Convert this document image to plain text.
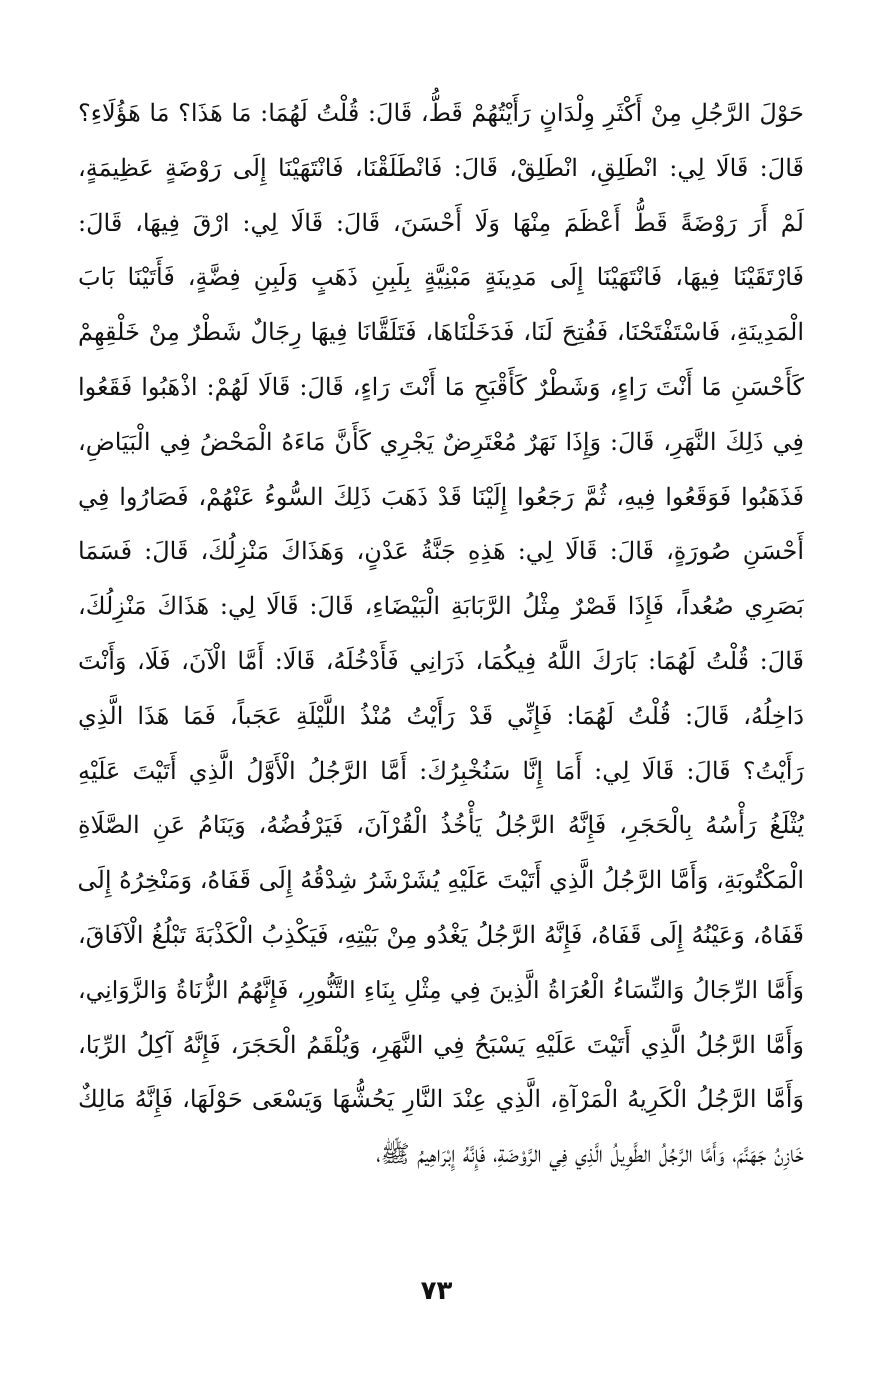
حَوْلَ الرَّجُلِ مِنْ أَكْثَرِ وِلْدَانٍ رَأَيْتُهُمْ قَطُّ، قَالَ: قُلْتُ لَهُمَا: مَا هَذَا؟ مَا هَؤُلَاءِ؟
قَالَ: قَالَا لِي: انْطَلِقِ، انْطَلِقْ، قَالَ: فَانْطَلَقْنَا، فَانْتَهَيْنَا إِلَى رَوْضَةٍ عَظِيمَةٍ،
لَمْ أَرَ رَوْضَةً قَطُّ أَعْظَمَ مِنْهَا وَلَا أَحْسَنَ، قَالَ: قَالَا لِي: ارْقَ فِيهَا، قَالَ:
فَارْتَقَيْنَا فِيهَا، فَانْتَهَيْنَا إِلَى مَدِينَةٍ مَبْنِيَّةٍ بِلَبِنِ ذَهَبٍ وَلَبِنِ فِضَّةٍ، فَأَتَيْنَا بَابَ
الْمَدِينَةِ، فَاسْتَفْتَحْنَا، فَفُتِحَ لَنَا، فَدَخَلْنَاهَا، فَتَلَقَّانَا فِيهَا رِجَالٌ شَطْرٌ مِنْ خَلْقِهِمْ
كَأَحْسَنِ مَا أَنْتَ رَاءٍ، وَشَطْرٌ كَأَقْبَحِ مَا أَنْتَ رَاءٍ، قَالَ: قَالَا لَهُمْ: اذْهَبُوا فَقَعُوا
فِي ذَلِكَ النَّهَرِ، قَالَ: وَإِذَا نَهَرٌ مُعْتَرِضٌ يَجْرِي كَأَنَّ مَاءَهُ الْمَحْضُ فِي الْبَيَاضِ،
فَذَهَبُوا فَوَقَعُوا فِيهِ، ثُمَّ رَجَعُوا إِلَيْنَا قَدْ ذَهَبَ ذَلِكَ السُّوءُ عَنْهُمْ، فَصَارُوا فِي
أَحْسَنِ صُورَةٍ، قَالَ: قَالَا لِي: هَذِهِ جَنَّةُ عَدْنٍ، وَهَذَاكَ مَنْزِلُكَ، قَالَ: فَسَمَا
بَصَرِي صُعُداً، فَإِذَا قَصْرٌ مِثْلُ الرَّبَابَةِ الْبَيْضَاءِ، قَالَ: قَالَا لِي: هَذَاكَ مَنْزِلُكَ،
قَالَ: قُلْتُ لَهُمَا: بَارَكَ اللَّهُ فِيكُمَا، ذَرَانِي فَأَدْخُلَهُ، قَالَا: أَمَّا الْآنَ، فَلَا، وَأَنْتَ
دَاخِلُهُ، قَالَ: قُلْتُ لَهُمَا: فَإِنِّي قَدْ رَأَيْتُ مُنْذُ اللَّيْلَةِ عَجَباً، فَمَا هَذَا الَّذِي
رَأَيْتُ؟ قَالَ: قَالَا لِي: أَمَا إِنَّا سَنُخْبِرُكَ: أَمَّا الرَّجُلُ الْأَوَّلُ الَّذِي أَتَيْتَ عَلَيْهِ
يُثْلَغُ رَأْسُهُ بِالْحَجَرِ، فَإِنَّهُ الرَّجُلُ يَأْخُذُ الْقُرْآنَ، فَيَرْفُضُهُ، وَيَنَامُ عَنِ الصَّلَاةِ
الْمَكْتُوبَةِ، وَأَمَّا الرَّجُلُ الَّذِي أَتَيْتَ عَلَيْهِ يُشَرْشَرُ شِدْقُهُ إِلَى قَفَاهُ، وَمَنْخِرُهُ إِلَى
قَفَاهُ، وَعَيْنُهُ إِلَى قَفَاهُ، فَإِنَّهُ الرَّجُلُ يَغْدُو مِنْ بَيْتِهِ، فَيَكْذِبُ الْكَذْبَةَ تَبْلُغُ الْآفَاقَ،
وَأَمَّا الرِّجَالُ وَالنِّسَاءُ الْعُرَاةُ الَّذِينَ فِي مِثْلِ بِنَاءِ التَّنُّورِ، فَإِنَّهُمُ الزُّنَاةُ وَالزَّوَانِي،
وَأَمَّا الرَّجُلُ الَّذِي أَتَيْتَ عَلَيْهِ يَسْبَحُ فِي النَّهَرِ، وَيُلْقَمُ الْحَجَرَ، فَإِنَّهُ آكِلُ الرِّبَا،
وَأَمَّا الرَّجُلُ الْكَرِيهُ الْمَرْآةِ، الَّذِي عِنْدَ النَّارِ يَحُشُّهَا وَيَسْعَى حَوْلَهَا، فَإِنَّهُ مَالِكٌ
خَازِنُ جَهَنَّمَ، وَأَمَّا الرَّجُلُ الطَّوِيلُ الَّذِي فِي الرَّوْضَةِ، فَإِنَّهُ إِبْرَاهِيمُ ﷺ،
٧٣
